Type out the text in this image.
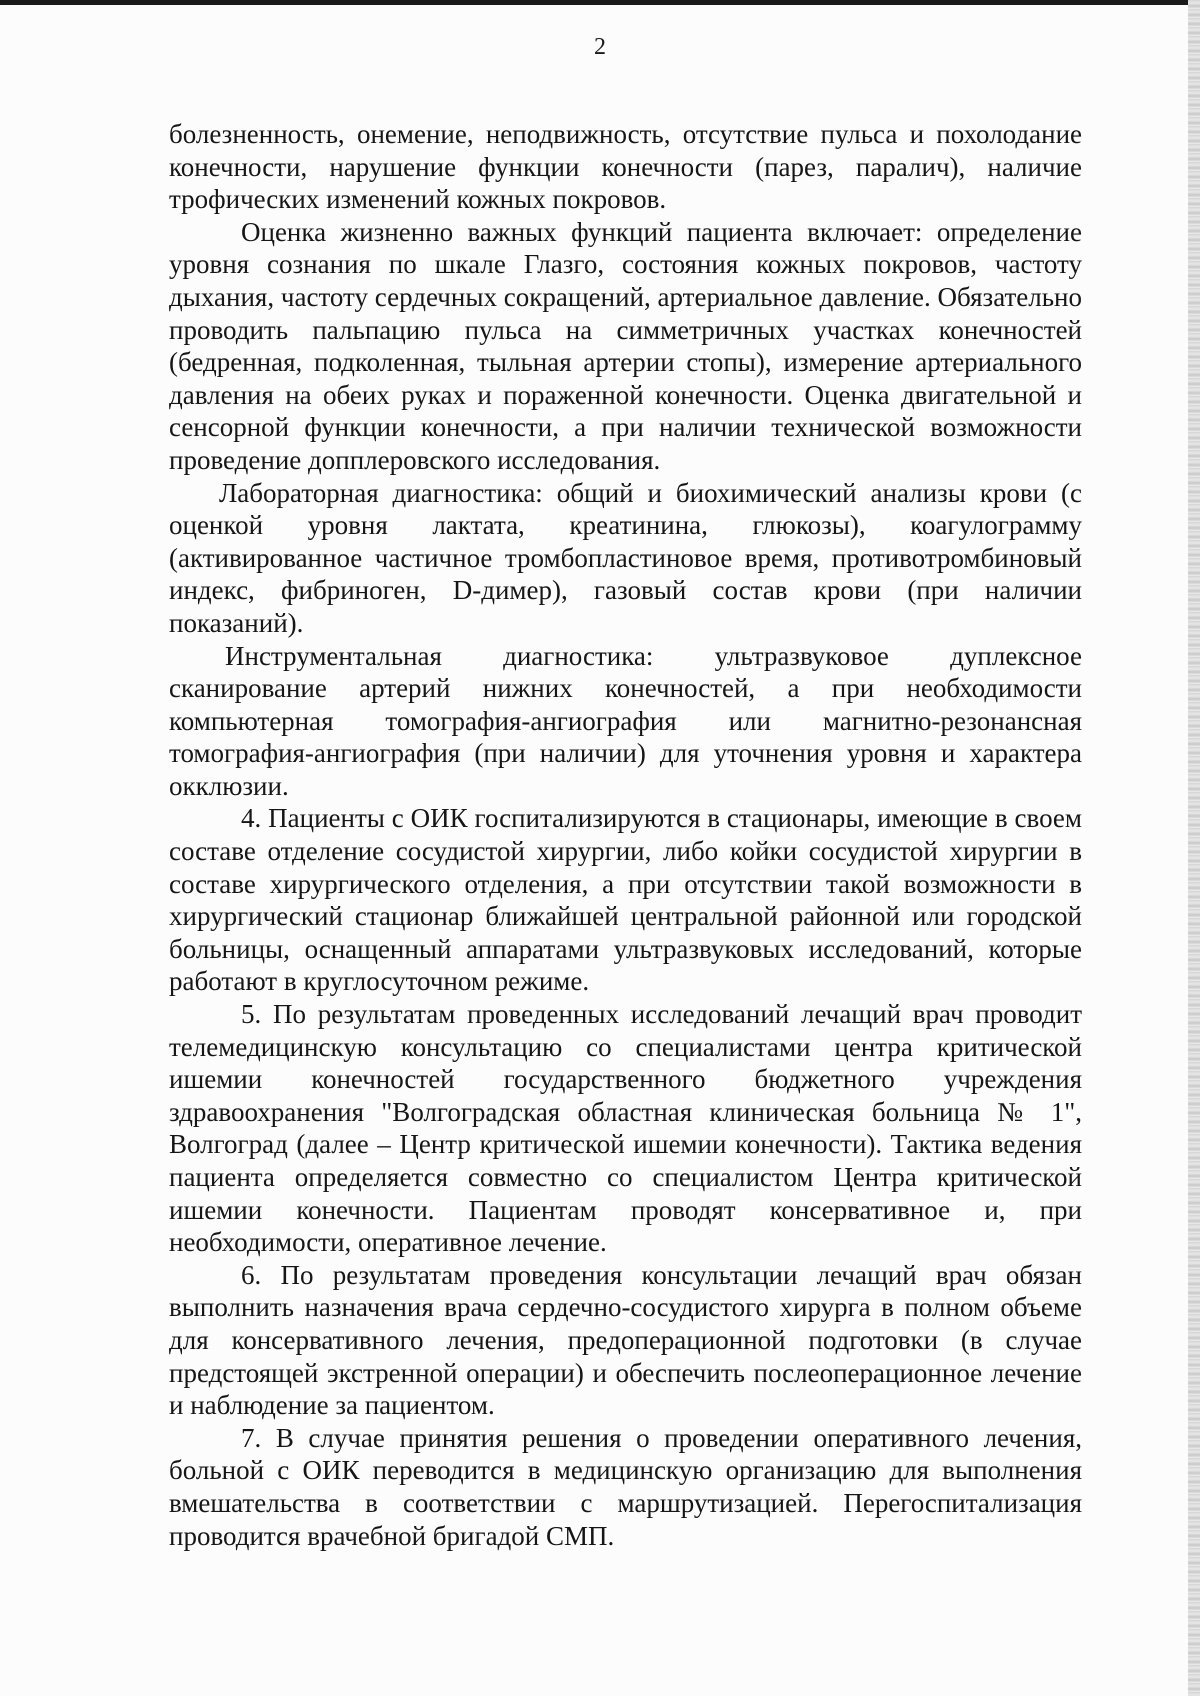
2

болезненность, онемение, неподвижность, отсутствие пульса и похолодание конечности, нарушение функции конечности (парез, паралич), наличие трофических изменений кожных покровов.

Оценка жизненно важных функций пациента включает: определение уровня сознания по шкале Глазго, состояния кожных покровов, частоту дыхания, частоту сердечных сокращений, артериальное давление. Обязательно проводить пальпацию пульса на симметричных участках конечностей (бедренная, подколенная, тыльная артерии стопы), измерение артериального давления на обеих руках и пораженной конечности. Оценка двигательной и сенсорной функции конечности, а при наличии технической возможности проведение допплеровского исследования.

Лабораторная диагностика: общий и биохимический анализы крови (с оценкой уровня лактата, креатинина, глюкозы), коагулограмму (активированное частичное тромбопластиновое время, противотромбиновый индекс, фибриноген, D-димер), газовый состав крови (при наличии показаний).

Инструментальная диагностика: ультразвуковое дуплексное сканирование артерий нижних конечностей, а при необходимости компьютерная томография-ангиография или магнитно-резонансная томография-ангиография (при наличии) для уточнения уровня и характера окклюзии.

4. Пациенты с ОИК госпитализируются в стационары, имеющие в своем составе отделение сосудистой хирургии, либо койки сосудистой хирургии в составе хирургического отделения, а при отсутствии такой возможности в хирургический стационар ближайшей центральной районной или городской больницы, оснащенный аппаратами ультразвуковых исследований, которые работают в круглосуточном режиме.

5. По результатам проведенных исследований лечащий врач проводит телемедицинскую консультацию со специалистами центра критической ишемии конечностей государственного бюджетного учреждения здравоохранения "Волгоградская областная клиническая больница № 1", Волгоград (далее – Центр критической ишемии конечности). Тактика ведения пациента определяется совместно со специалистом Центра критической ишемии конечности. Пациентам проводят консервативное и, при необходимости, оперативное лечение.

6. По результатам проведения консультации лечащий врач обязан выполнить назначения врача сердечно-сосудистого хирурга в полном объеме для консервативного лечения, предоперационной подготовки (в случае предстоящей экстренной операции) и обеспечить послеоперационное лечение и наблюдение за пациентом.

7. В случае принятия решения о проведении оперативного лечения, больной с ОИК переводится в медицинскую организацию для выполнения вмешательства в соответствии с маршрутизацией. Перегоспитализация проводится врачебной бригадой СМП.
